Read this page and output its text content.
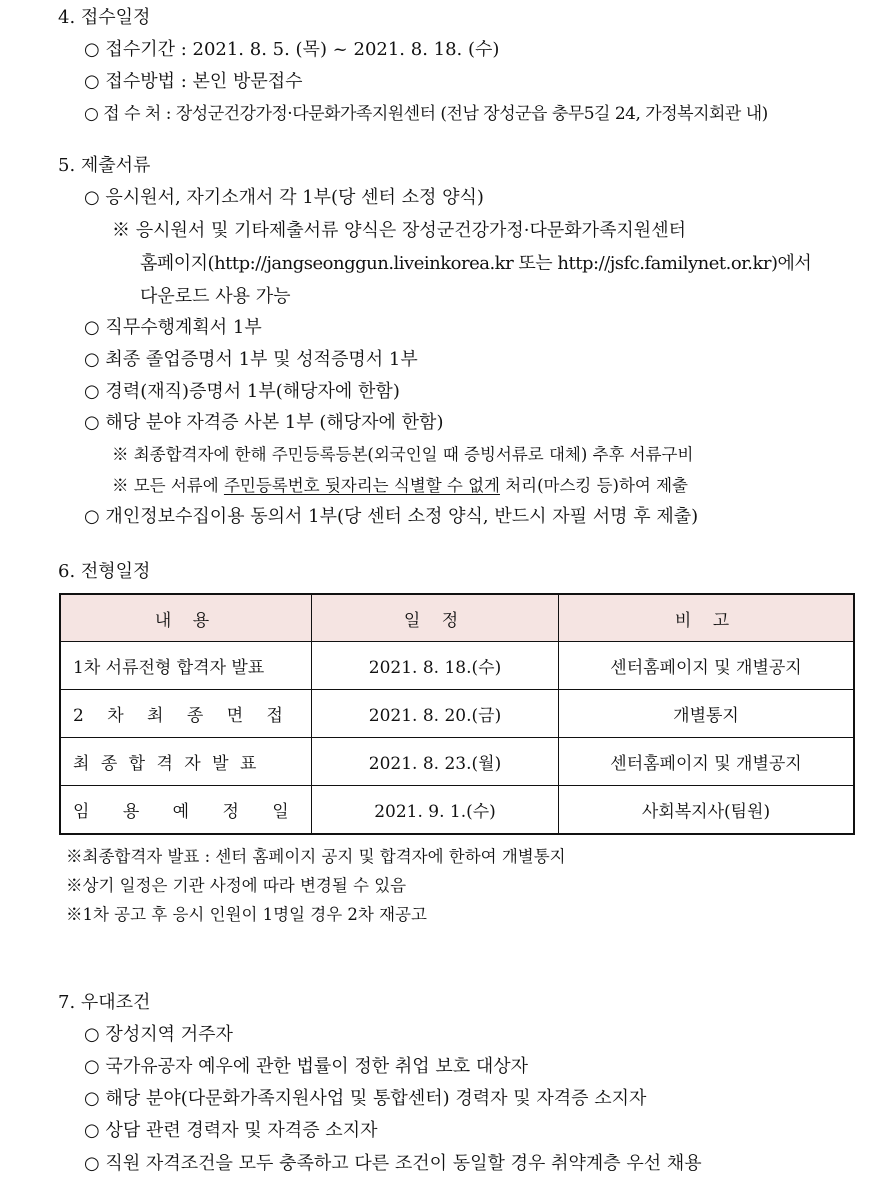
4. 접수일정
○ 접수기간 : 2021. 8. 5. (목) ~ 2021. 8. 18. (수)
○ 접수방법 : 본인 방문접수
○ 접 수 처 : 장성군건강가정·다문화가족지원센터 (전남 장성군읍 충무5길 24, 가정복지회관 내)
5. 제출서류
○ 응시원서, 자기소개서 각 1부(당 센터 소정 양식)
※ 응시원서 및 기타제출서류 양식은 장성군건강가정·다문화가족지원센터
홈페이지(http://jangseonggun.liveinkorea.kr 또는 http://jsfc.familynet.or.kr)에서
다운로드 사용 가능
○ 직무수행계획서 1부
○ 최종 졸업증명서 1부 및 성적증명서 1부
○ 경력(재직)증명서 1부(해당자에 한함)
○ 해당 분야 자격증 사본 1부 (해당자에 한함)
※ 최종합격자에 한해 주민등록등본(외국인일 때 증빙서류로 대체) 추후 서류구비
※ 모든 서류에 주민등록번호 뒷자리는 식별할 수 없게 처리(마스킹 등)하여 제출
○ 개인정보수집이용 동의서 1부(당 센터 소정 양식, 반드시 자필 서명 후 제출)
6. 전형일정
내 용	일 정	비 고
1차 서류전형 합격자 발표	2021. 8. 18.(수)	센터홈페이지 및 개별공지
2 차 최 종 면 접	2021. 8. 20.(금)	개별통지
최 종 합 격 자 발 표	2021. 8. 23.(월)	센터홈페이지 및 개별공지
임 용 예 정 일	2021. 9. 1.(수)	사회복지사(팀원)
※최종합격자 발표 : 센터 홈페이지 공지 및 합격자에 한하여 개별통지
※상기 일정은 기관 사정에 따라 변경될 수 있음
※1차 공고 후 응시 인원이 1명일 경우 2차 재공고
7. 우대조건
○ 장성지역 거주자
○ 국가유공자 예우에 관한 법률이 정한 취업 보호 대상자
○ 해당 분야(다문화가족지원사업 및 통합센터) 경력자 및 자격증 소지자
○ 상담 관련 경력자 및 자격증 소지자
○ 직원 자격조건을 모두 충족하고 다른 조건이 동일할 경우 취약계층 우선 채용
